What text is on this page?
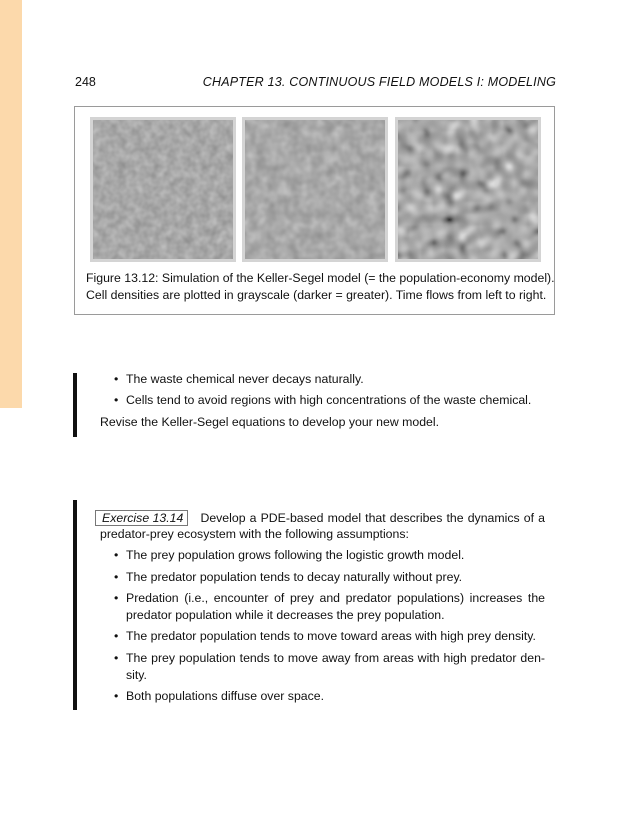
248	CHAPTER 13. CONTINUOUS FIELD MODELS I: MODELING
Figure 13.12: Simulation of the Keller-Segel model (= the population-economy model).
Cell densities are plotted in grayscale (darker = greater). Time flows from left to right.
• The waste chemical never decays naturally.
• Cells tend to avoid regions with high concentrations of the waste chemical.
Revise the Keller-Segel equations to develop your new model.
Exercise 13.14	Develop a PDE-based model that describes the dynamics of a
predator-prey ecosystem with the following assumptions:
• The prey population grows following the logistic growth model.
• The predator population tends to decay naturally without prey.
• Predation (i.e., encounter of prey and predator populations) increases the
predator population while it decreases the prey population.
• The predator population tends to move toward areas with high prey density.
• The prey population tends to move away from areas with high predator den-
sity.
• Both populations diffuse over space.
